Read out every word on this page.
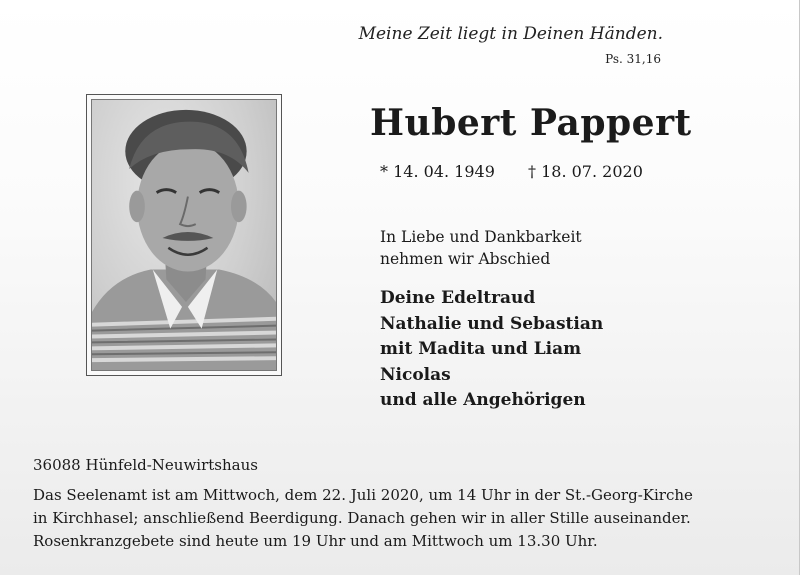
Meine Zeit liegt in Deinen Händen.
Ps. 31,16
Hubert Pappert
* 14. 04. 1949 † 18. 07. 2020
In Liebe und Dankbarkeit
nehmen wir Abschied
Deine Edeltraud
Nathalie und Sebastian
mit Madita und Liam
Nicolas
und alle Angehörigen
36088 Hünfeld-Neuwirtshaus
Das Seelenamt ist am Mittwoch, dem 22. Juli 2020, um 14 Uhr in der St.-Georg-Kirche
in Kirchhasel; anschließend Beerdigung. Danach gehen wir in aller Stille auseinander.
Rosenkranzgebete sind heute um 19 Uhr und am Mittwoch um 13.30 Uhr.
